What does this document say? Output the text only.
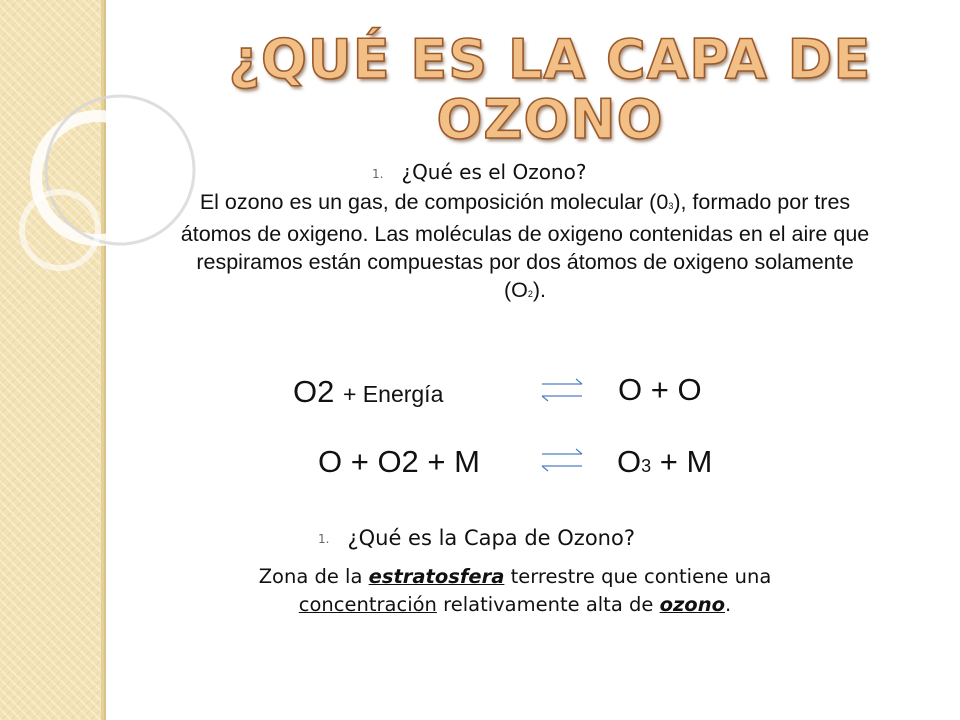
¿QUÉ ES LA CAPA DE OZONO
1. ¿Qué es el Ozono?
El ozono es un gas, de composición molecular (03), formado por tres átomos de oxigeno. Las moléculas de oxigeno contenidas en el aire que respiramos están compuestas por dos átomos de oxigeno solamente (O2).
O2 + Energía	O + O
O + O2 + M	O3 + M
1. ¿Qué es la Capa de Ozono?
Zona de la estratosfera terrestre que contiene una concentración relativamente alta de ozono.
